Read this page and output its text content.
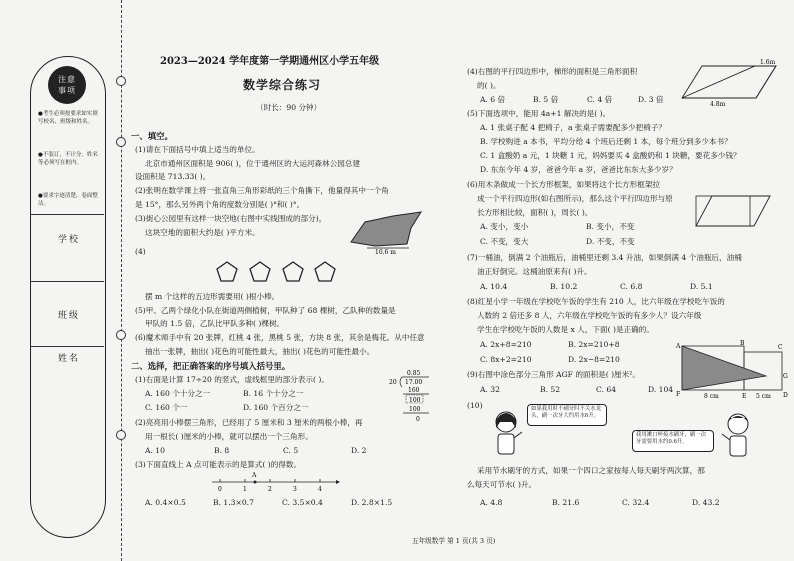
注意事项
●考生必须按要求如实填写校名、班级和姓名。
●不装订，不计分。姓名等必须写在框内。
●要求字迹清楚，卷面整洁。
学校
班级
姓名
2023—2024 学年度第一学期通州区小学五年级
数学综合练习
（时长：90 分钟）
一、填空。
(1)请在下面括号中填上适当的单位。
北京市通州区面积是 906( )，位于通州区的大运河森林公园总建
设面积是 713.33( )。
(2)张明在数学课上将一张直角三角形彩纸的三个角撕下，他量得其中一个角
是 15°，那么另外两个角的度数分别是( )°和( )°。
(3)街心公园里有这样一块空地(右图中实线围成的部分)，
这块空地的面积大约是( )平方米。
10.6 m
(4)
摆 m 个这样的五边形需要用( )根小棒。
(5)甲、乙两个绿化小队在街道两侧植树，甲队种了 68 棵树，乙队种的数量是
甲队的 1.5 倍，乙队比甲队多种( )棵树。
(6)魔术师手中有 20 张牌，红桃 4 张，黑桃 5 张，方块 8 张，其余是梅花。从中任意
抽出一张牌，抽出( )花色的可能性最大，抽出( )花色的可能性最小。
二、选择，把正确答案的序号填入括号里。
(1)右面是计算 17÷20 的竖式，虚线框里的部分表示( )。
A. 160 个十分之一	B. 16 个十分之一
C. 160 个一	D. 160 个百分之一
0.85
20 17.00
160
100
100
0
(2)亮亮用小棒摆三角形，已经用了 5 厘米和 3 厘米的两根小棒，再
用一根长( )厘米的小棒，就可以摆出一个三角形。
A. 10	B. 8	C. 5	D. 2
(3)下面直线上 A 点可能表示的是算式( )的得数。
A
0	1	2	3	4
A. 0.4×0.5	B. 1.3×0.7	C. 3.5×0.4	D. 2.8×1.5
(4)右图的平行四边形中，梯形的面积是三角形面积
的( )。
1.6m
4.8m
A. 6 倍	B. 5 倍	C. 4 倍	D. 3 倍
(5)下面选项中，能用 4a+1 解决的是( )。
A. 1 张桌子配 4 把椅子，a 张桌子需要配多少把椅子？
B. 学校购进 a 本书，平均分给 4 个班后还剩 1 本，每个班分到多少本书？
C. 1 盒酸奶 a 元，1 块糖 1 元，妈妈要买 4 盒酸奶和 1 块糖，要花多少钱？
D. 东东今年 4 岁，爸爸今年 a 岁，爸爸比东东大多少岁？
(6)用木条做成一个长方形框架，如果将这个长方形框架拉
成一个平行四边形(如右图所示)，那么这个平行四边形与原
长方形相比较，面积( )，周长( )。
A. 变小，变小	B. 变小，不变
C. 不变，变大	D. 不变，不变
(7)一桶油，倒满 2 个油瓶后，油桶里还剩 3.4 升油，如果倒满 4 个油瓶后，油桶
油正好倒完。这桶油原来有( )升。
A. 10.4	B. 10.2	C. 6.8	D. 5.1
(8)红星小学一年级在学校吃午饭的学生有 210 人，比六年级在学校吃午饭的
人数的 2 倍还多 8 人，六年级在学校吃午饭的有多少人？设六年级
学生在学校吃午饭的人数是 x 人，下面( )是正确的。
A. 2x+8=210	B. 2x=210+8
C. 8x+2=210	D. 2x−8=210
A	B
C
D
E
F
G
8 cm	5 cm
(9)右图中涂色部分三角形 AGF 的面积是( )厘米²。
A. 32	B. 52	C. 64	D. 104
(10)	如果我用时不刷牙时不关水龙头，刷一次牙大约用水6升。
我用漱口杯接水刷牙，刷一次牙需要用水约0.6升。
采用节水刷牙的方式，如果一个四口之家按每人每天刷牙两次算，那
么每天可节水( )升。
A. 4.8	B. 21.6	C. 32.4	D. 43.2
五年级数学 第 1 页(共 3 页)
